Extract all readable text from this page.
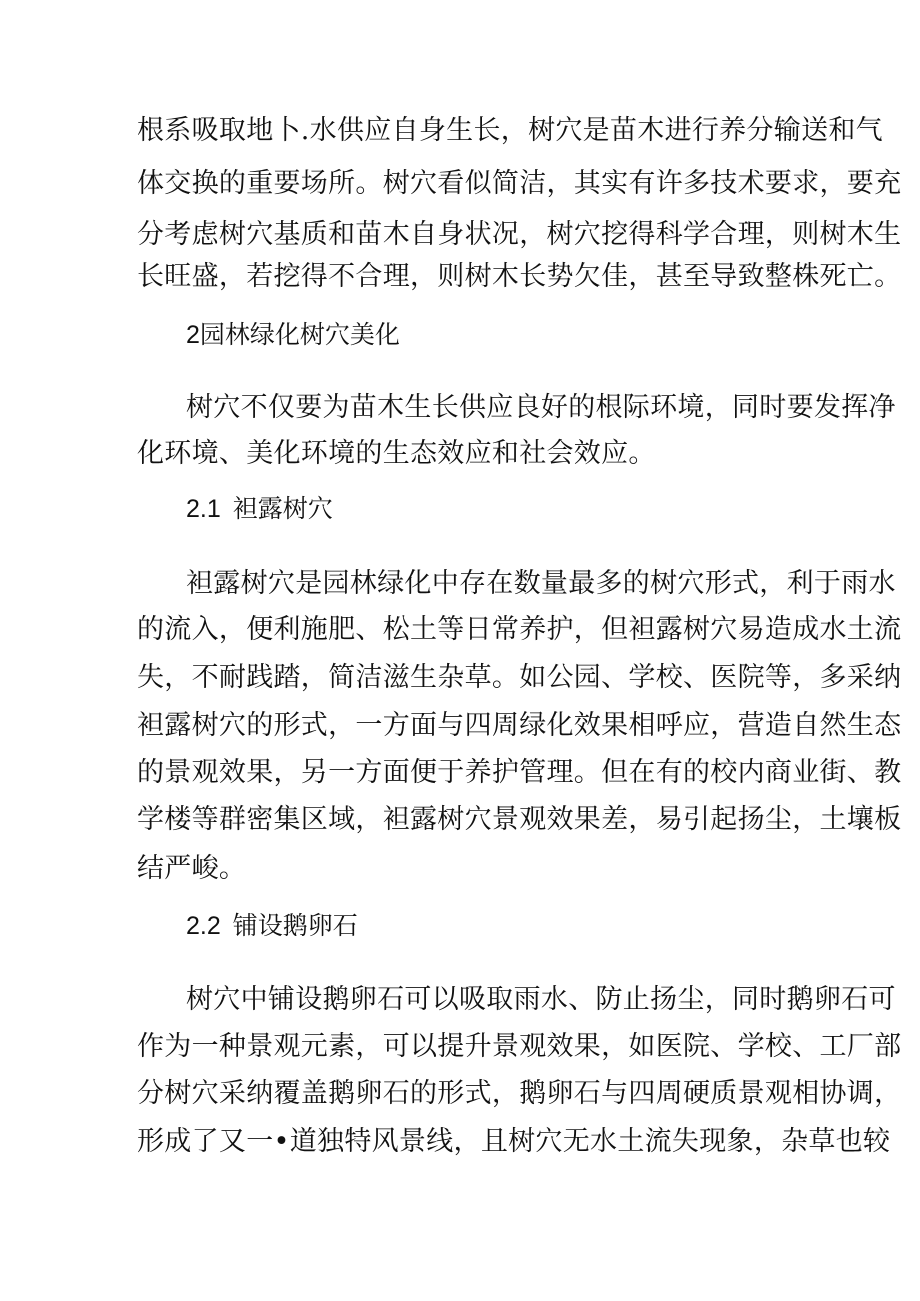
根系吸取地卜.水供应自身生长，树穴是苗木进行养分输送和气
体交换的重要场所。树穴看似简洁，其实有许多技术要求，要充
分考虑树穴基质和苗木自身状况，树穴挖得科学合理，则树木生
长旺盛，若挖得不合理，则树木长势欠佳，甚至导致整株死亡。
2园林绿化树穴美化
树穴不仅要为苗木生长供应良好的根际环境，同时要发挥净
化环境、美化环境的生态效应和社会效应。
2.1 袒露树穴
袒露树穴是园林绿化中存在数量最多的树穴形式，利于雨水
的流入，便利施肥、松土等日常养护，但袒露树穴易造成水土流
失，不耐践踏，简洁滋生杂草。如公园、学校、医院等，多采纳
袒露树穴的形式，一方面与四周绿化效果相呼应，营造自然生态
的景观效果，另一方面便于养护管理。但在有的校内商业街、教
学楼等群密集区域，袒露树穴景观效果差，易引起扬尘，土壤板
结严峻。
2.2 铺设鹅卵石
树穴中铺设鹅卵石可以吸取雨水、防止扬尘，同时鹅卵石可
作为一种景观元素，可以提升景观效果，如医院、学校、工厂部
分树穴采纳覆盖鹅卵石的形式，鹅卵石与四周硬质景观相协调，
形成了又一•道独特风景线，且树穴无水土流失现象，杂草也较
